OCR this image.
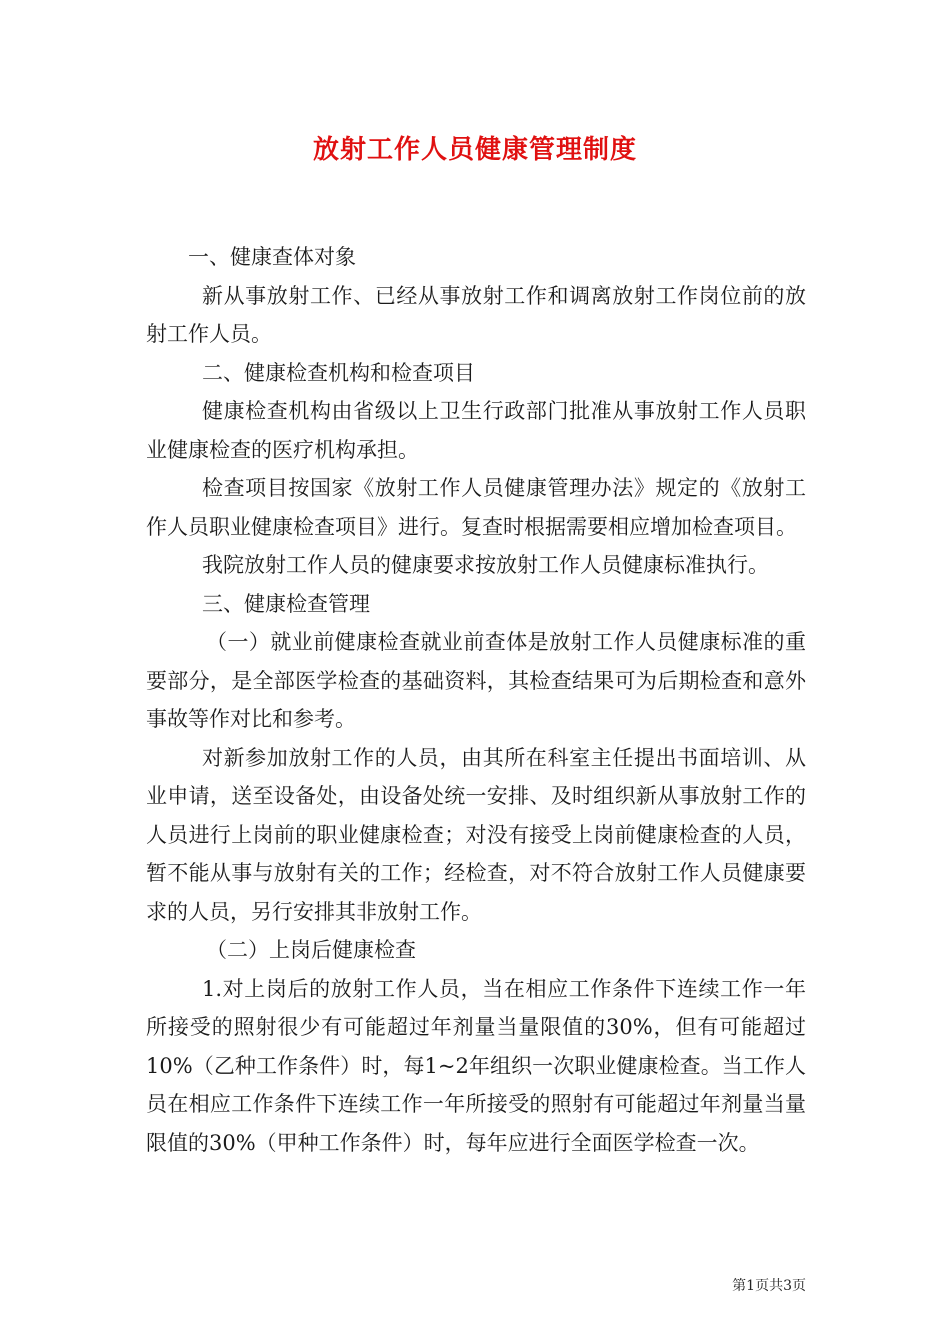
放射工作人员健康管理制度

一、健康查体对象

新从事放射工作、已经从事放射工作和调离放射工作岗位前的放射工作人员。

二、健康检查机构和检查项目

健康检查机构由省级以上卫生行政部门批准从事放射工作人员职业健康检查的医疗机构承担。

检查项目按国家《放射工作人员健康管理办法》规定的《放射工作人员职业健康检查项目》进行。复查时根据需要相应增加检查项目。

我院放射工作人员的健康要求按放射工作人员健康标准执行。

三、健康检查管理

（一）就业前健康检查就业前查体是放射工作人员健康标准的重要部分，是全部医学检查的基础资料，其检查结果可为后期检查和意外事故等作对比和参考。

对新参加放射工作的人员，由其所在科室主任提出书面培训、从业申请，送至设备处，由设备处统一安排、及时组织新从事放射工作的人员进行上岗前的职业健康检查；对没有接受上岗前健康检查的人员，暂不能从事与放射有关的工作；经检查，对不符合放射工作人员健康要求的人员，另行安排其非放射工作。

（二）上岗后健康检查

1.对上岗后的放射工作人员，当在相应工作条件下连续工作一年所接受的照射很少有可能超过年剂量当量限值的30%，但有可能超过10%（乙种工作条件）时，每1~2年组织一次职业健康检查。当工作人员在相应工作条件下连续工作一年所接受的照射有可能超过年剂量当量限值的30%（甲种工作条件）时，每年应进行全面医学检查一次。

第1页共3页
